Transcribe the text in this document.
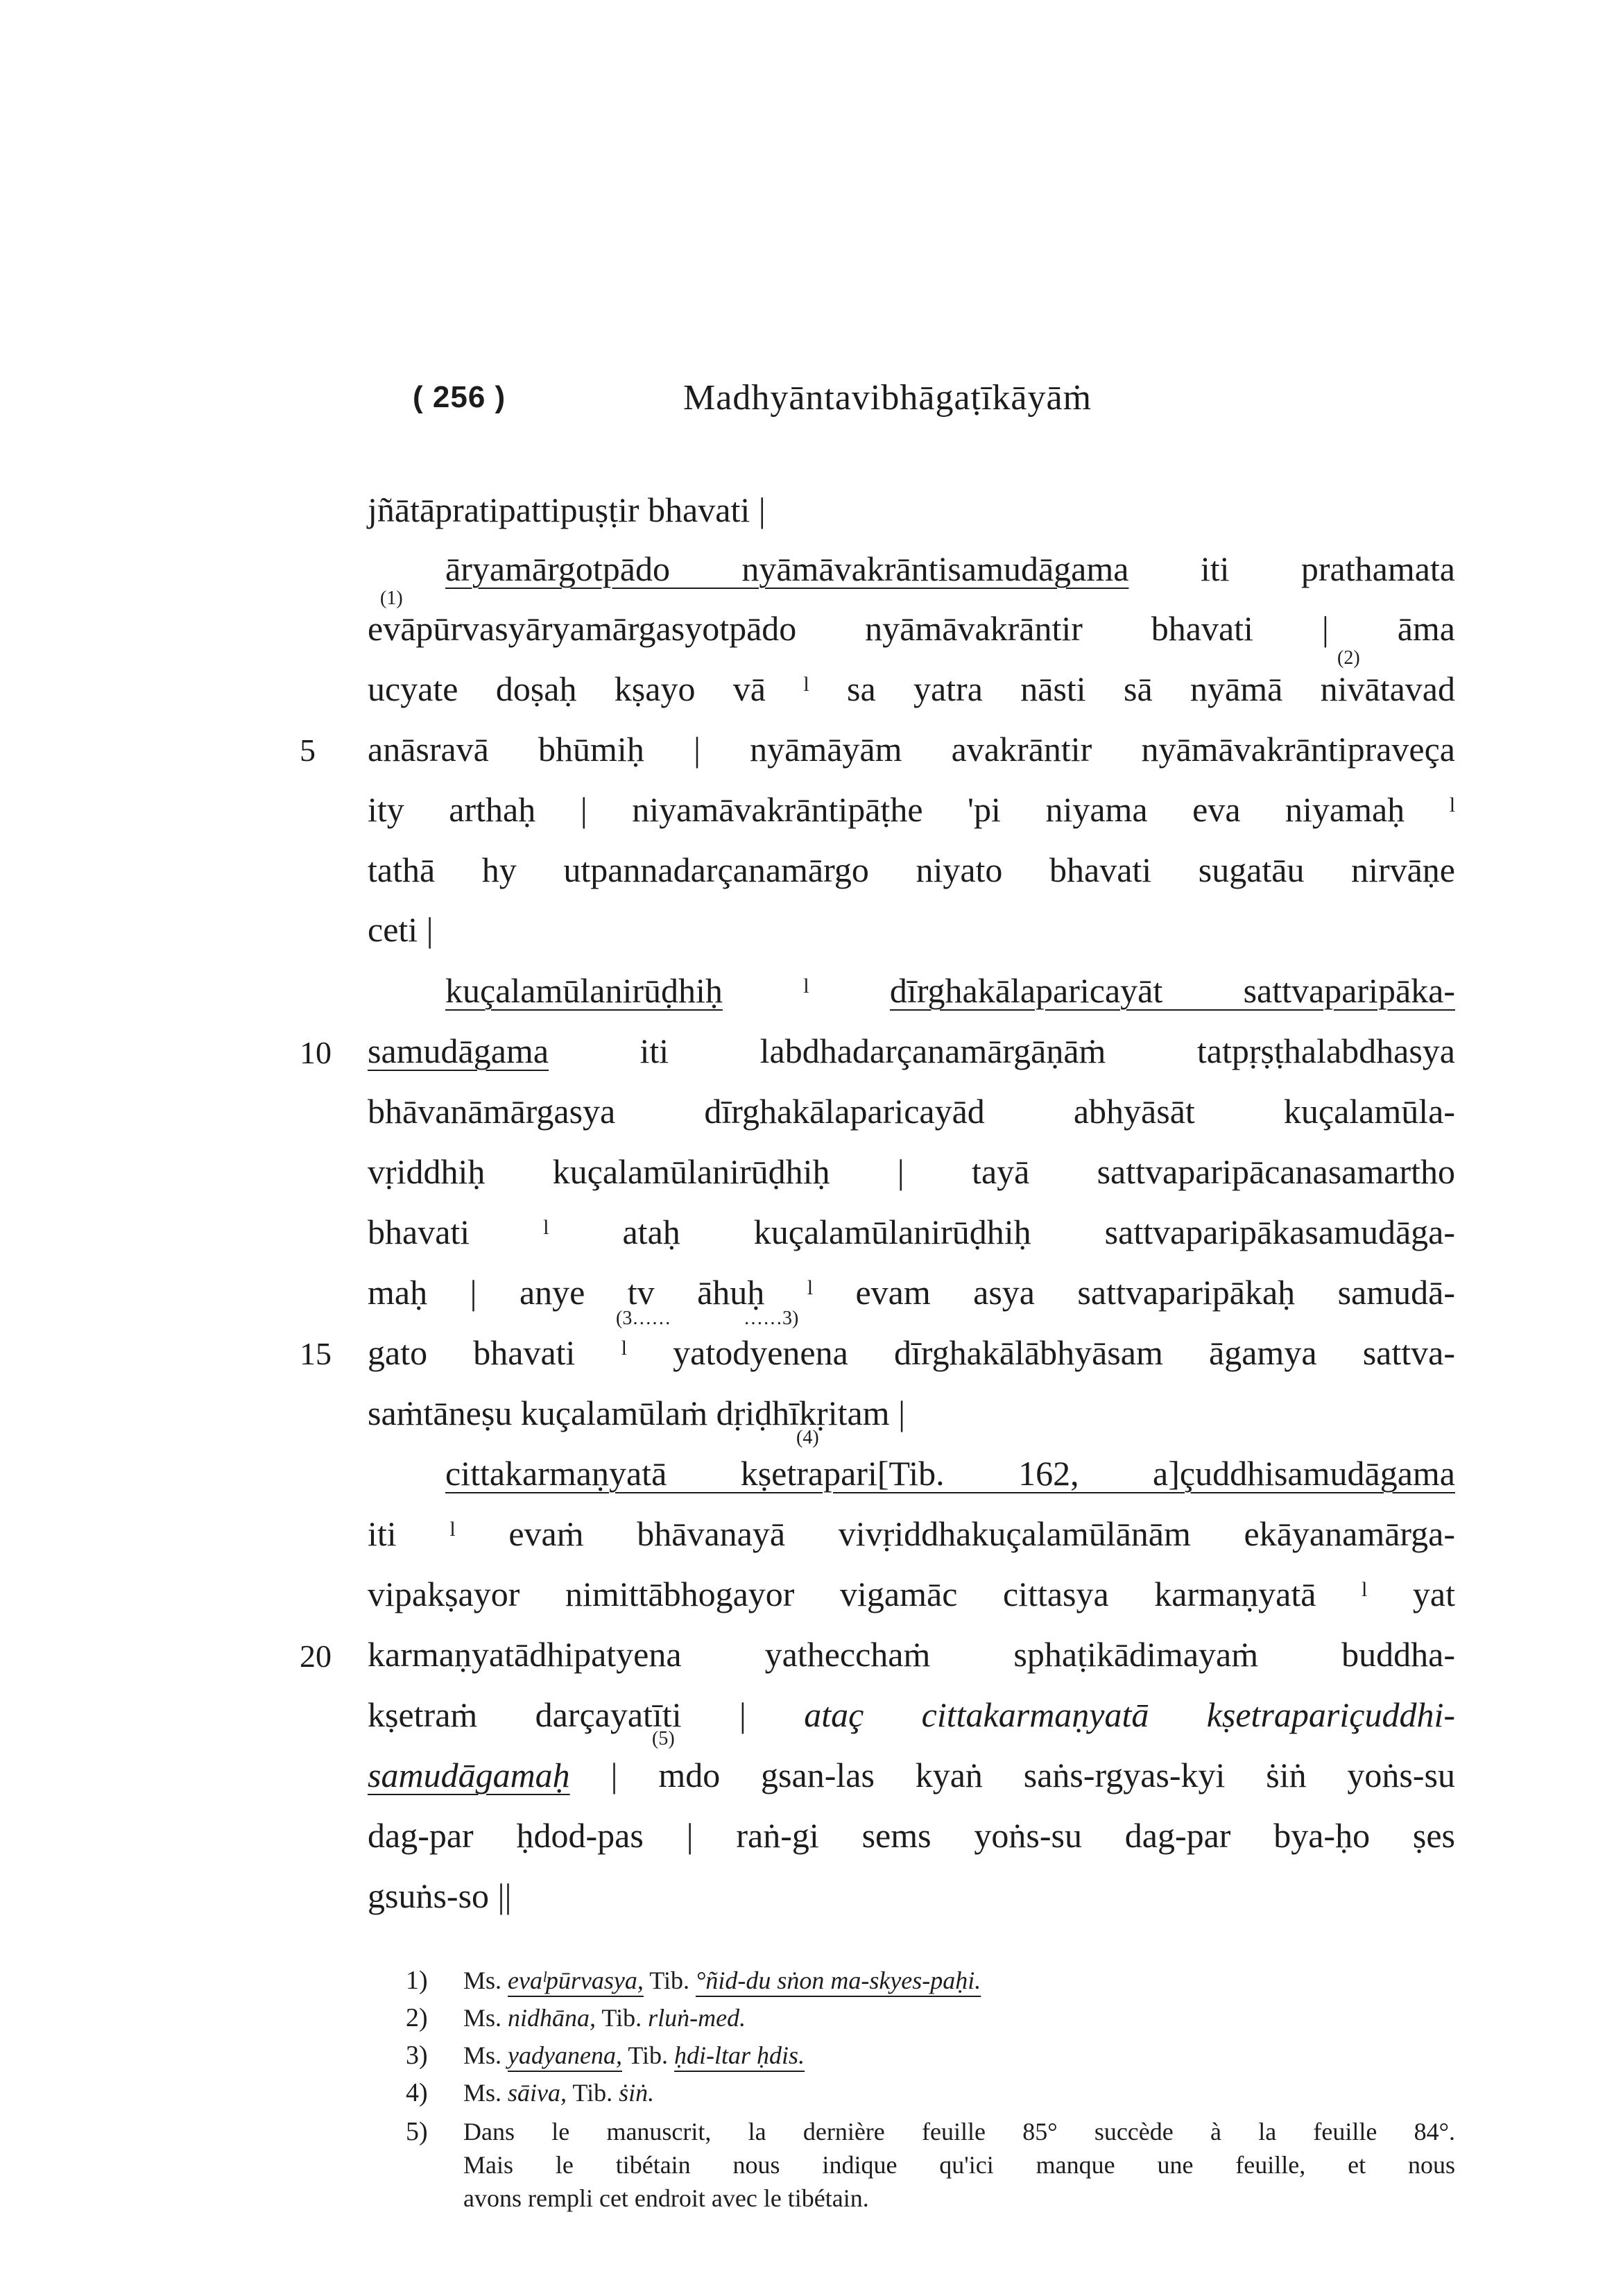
( 256 )	Madhyāntavibhāgaṭīkāyāṁ
5
10
15
20
(1)
(2)
(3……	……3)
(4)
(5)
jñātāpratipattipuṣṭir bhavati |
āryamārgotpādo nyāmāvakrāntisamudāgama iti prathamata
evāpūrvasyāryamārgasyotpādo nyāmāvakrāntir bhavati | āma
ucyate doṣaḥ kṣayo vā ˡ sa yatra nāsti sā nyāmā nivātavad
anāsravā bhūmiḥ | nyāmāyām avakrāntir nyāmāvakrāntipraveça
ity arthaḥ | niyamāvakrāntipāṭhe 'pi niyama eva niyamaḥ ˡ
tathā hy utpannadarçanamārgo niyato bhavati sugatāu nirvāṇe
ceti |
kuçalamūlanirūḍhiḥ ˡ dīrghakālaparicayāt sattvaparipāka-
samudāgama iti labdhadarçanamārgāṇāṁ tatpṛṣṭhalabdhasya
bhāvanāmārgasya dīrghakālaparicayād abhyāsāt kuçalamūla-
vṛiddhiḥ kuçalamūlanirūḍhiḥ | tayā sattvaparipācanasamartho
bhavati ˡ ataḥ kuçalamūlanirūḍhiḥ sattvaparipākasamudāga-
maḥ | anye tv āhuḥ ˡ evam asya sattvaparipākaḥ samudā-
gato bhavati ˡ yatodyenena dīrghakālābhyāsam āgamya sattva-
saṁtāneṣu kuçalamūlaṁ dṛiḍhīkṛitam |
cittakarmaṇyatā kṣetrapari[Tib. 162, a]çuddhisamudāgama
iti ˡ evaṁ bhāvanayā vivṛiddhakuçalamūlānām ekāyanamārga-
vipakṣayor nimittābhogayor vigamāc cittasya karmaṇyatā ˡ yat
karmaṇyatādhipatyena yathecchaṁ sphaṭikādimayaṁ buddha-
kṣetraṁ darçayatīti | ataç cittakarmaṇyatā kṣetrapariçuddhi-
samudāgamaḥ | mdo gsan-las kyaṅ saṅs-rgyas-kyi ṡiṅ yoṅs-su
dag-par ḥdod-pas | raṅ-gi sems yoṅs-su dag-par bya-ḥo ṣes
gsuṅs-so ||
1) Ms. evaˡpūrvasya, Tib. °ñid-du sṅon ma-skyes-paḥi.
2) Ms. nidhāna, Tib. rluṅ-med.
3) Ms. yadyanena, Tib. ḥdi-ltar ḥdis.
4) Ms. sāiva, Tib. ṡiṅ.
5) Dans le manuscrit, la dernière feuille 85° succède à la feuille 84°.
Mais le tibétain nous indique qu'ici manque une feuille, et nous
avons rempli cet endroit avec le tibétain.
